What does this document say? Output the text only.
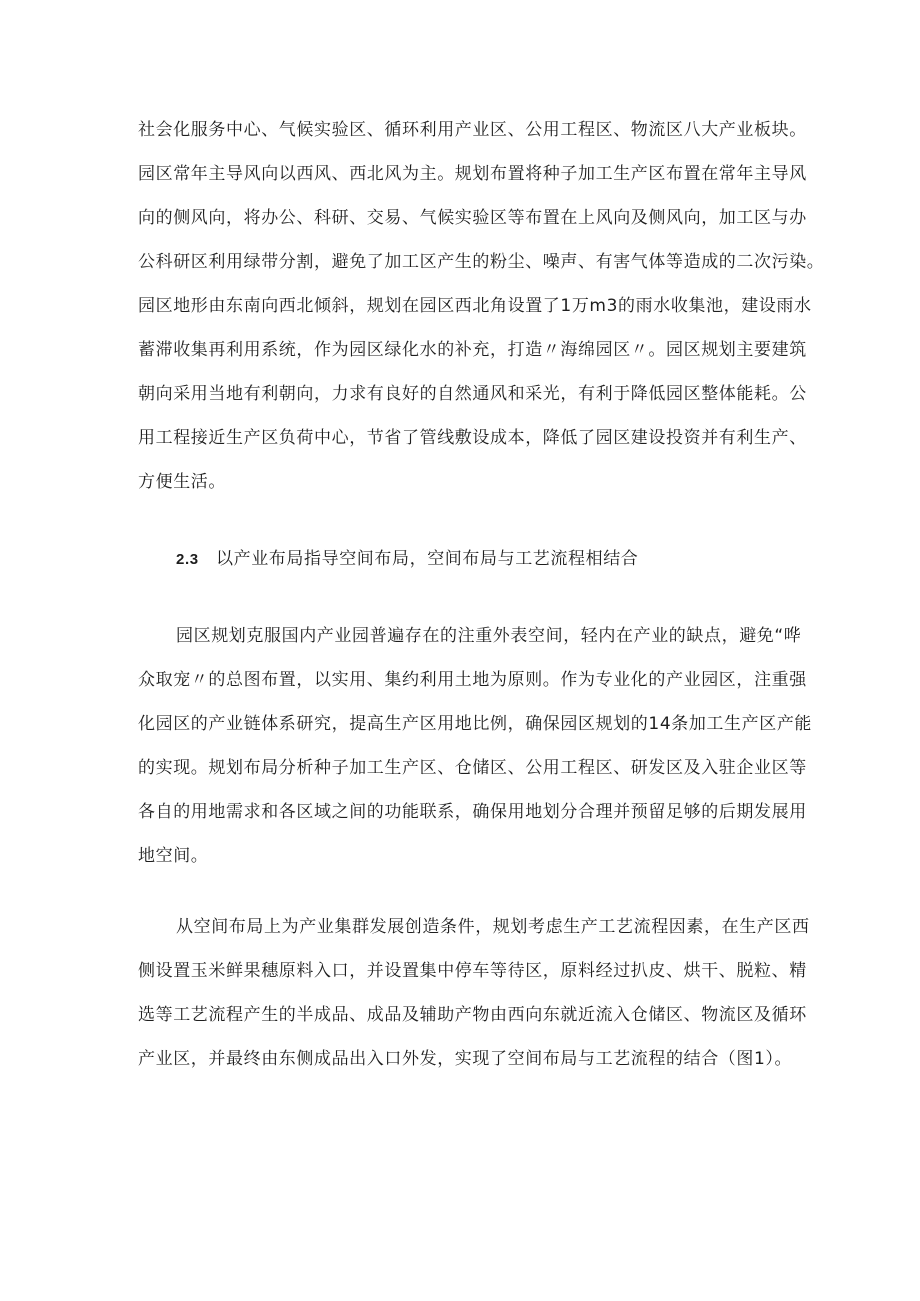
社会化服务中心、气候实验区、循环利用产业区、公用工程区、物流区八大产业板块。
园区常年主导风向以西风、西北风为主。规划布置将种子加工生产区布置在常年主导风
向的侧风向，将办公、科研、交易、气候实验区等布置在上风向及侧风向，加工区与办
公科研区利用绿带分割，避免了加工区产生的粉尘、噪声、有害气体等造成的二次污染。
园区地形由东南向西北倾斜，规划在园区西北角设置了1万m3的雨水收集池，建设雨水
蓄滞收集再利用系统，作为园区绿化水的补充，打造〃海绵园区〃。园区规划主要建筑
朝向采用当地有利朝向，力求有良好的自然通风和采光，有利于降低园区整体能耗。公
用工程接近生产区负荷中心，节省了管线敷设成本，降低了园区建设投资并有利生产、
方便生活。
2.3 以产业布局指导空间布局，空间布局与工艺流程相结合
园区规划克服国内产业园普遍存在的注重外表空间，轻内在产业的缺点，避免“哗
众取宠〃的总图布置，以实用、集约利用土地为原则。作为专业化的产业园区，注重强
化园区的产业链体系研究，提高生产区用地比例，确保园区规划的14条加工生产区产能
的实现。规划布局分析种子加工生产区、仓储区、公用工程区、研发区及入驻企业区等
各自的用地需求和各区域之间的功能联系，确保用地划分合理并预留足够的后期发展用
地空间。
从空间布局上为产业集群发展创造条件，规划考虑生产工艺流程因素，在生产区西
侧设置玉米鲜果穗原料入口，并设置集中停车等待区，原料经过扒皮、烘干、脱粒、精
选等工艺流程产生的半成品、成品及辅助产物由西向东就近流入仓储区、物流区及循环
产业区，并最终由东侧成品出入口外发，实现了空间布局与工艺流程的结合（图1）。
